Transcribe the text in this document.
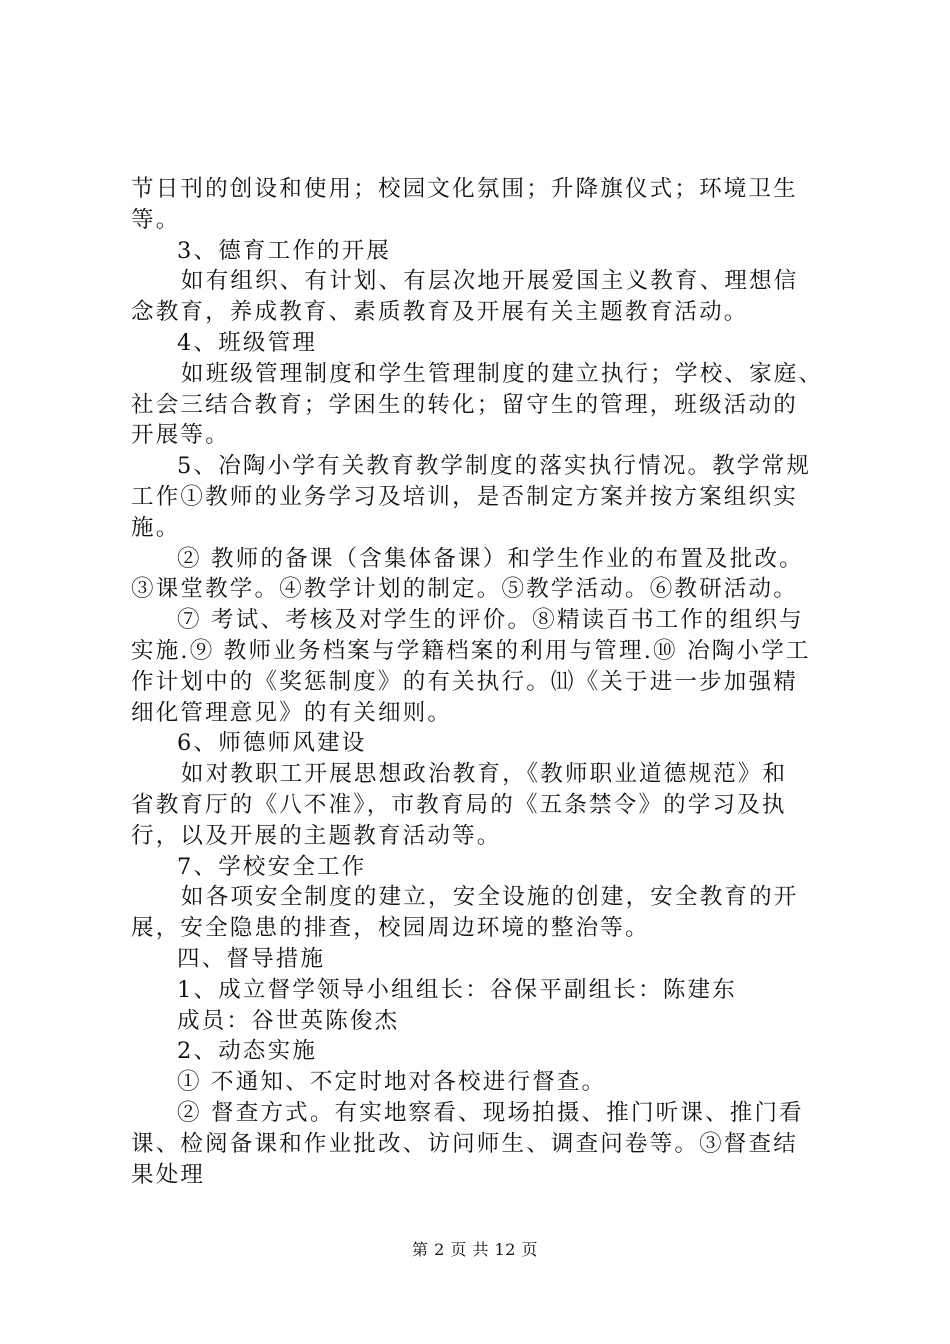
节日刊的创设和使用；校园文化氛围；升降旗仪式；环境卫生
等。
3、德育工作的开展
如有组织、有计划、有层次地开展爱国主义教育、理想信
念教育，养成教育、素质教育及开展有关主题教育活动。
4、班级管理
如班级管理制度和学生管理制度的建立执行；学校、家庭、
社会三结合教育；学困生的转化；留守生的管理，班级活动的
开展等。
5、冶陶小学有关教育教学制度的落实执行情况。教学常规
工作①教师的业务学习及培训，是否制定方案并按方案组织实
施。
② 教师的备课（含集体备课）和学生作业的布置及批改。
③课堂教学。④教学计划的制定。⑤教学活动。⑥教研活动。
⑦ 考试、考核及对学生的评价。⑧精读百书工作的组织与
实施.⑨ 教师业务档案与学籍档案的利用与管理.⑩ 冶陶小学工
作计划中的《奖惩制度》的有关执行。⑾《关于进一步加强精
细化管理意见》的有关细则。
6、师德师风建设
如对教职工开展思想政治教育，《教师职业道德规范》和
省教育厅的《八不准》，市教育局的《五条禁令》的学习及执
行，以及开展的主题教育活动等。
7、学校安全工作
如各项安全制度的建立，安全设施的创建，安全教育的开
展，安全隐患的排查，校园周边环境的整治等。
四、督导措施
1、成立督学领导小组组长：谷保平副组长：陈建东
成员：谷世英陈俊杰
2、动态实施
① 不通知、不定时地对各校进行督查。
② 督查方式。有实地察看、现场拍摄、推门听课、推门看
课、检阅备课和作业批改、访问师生、调查问卷等。③督查结
果处理
第 2 页 共 12 页
